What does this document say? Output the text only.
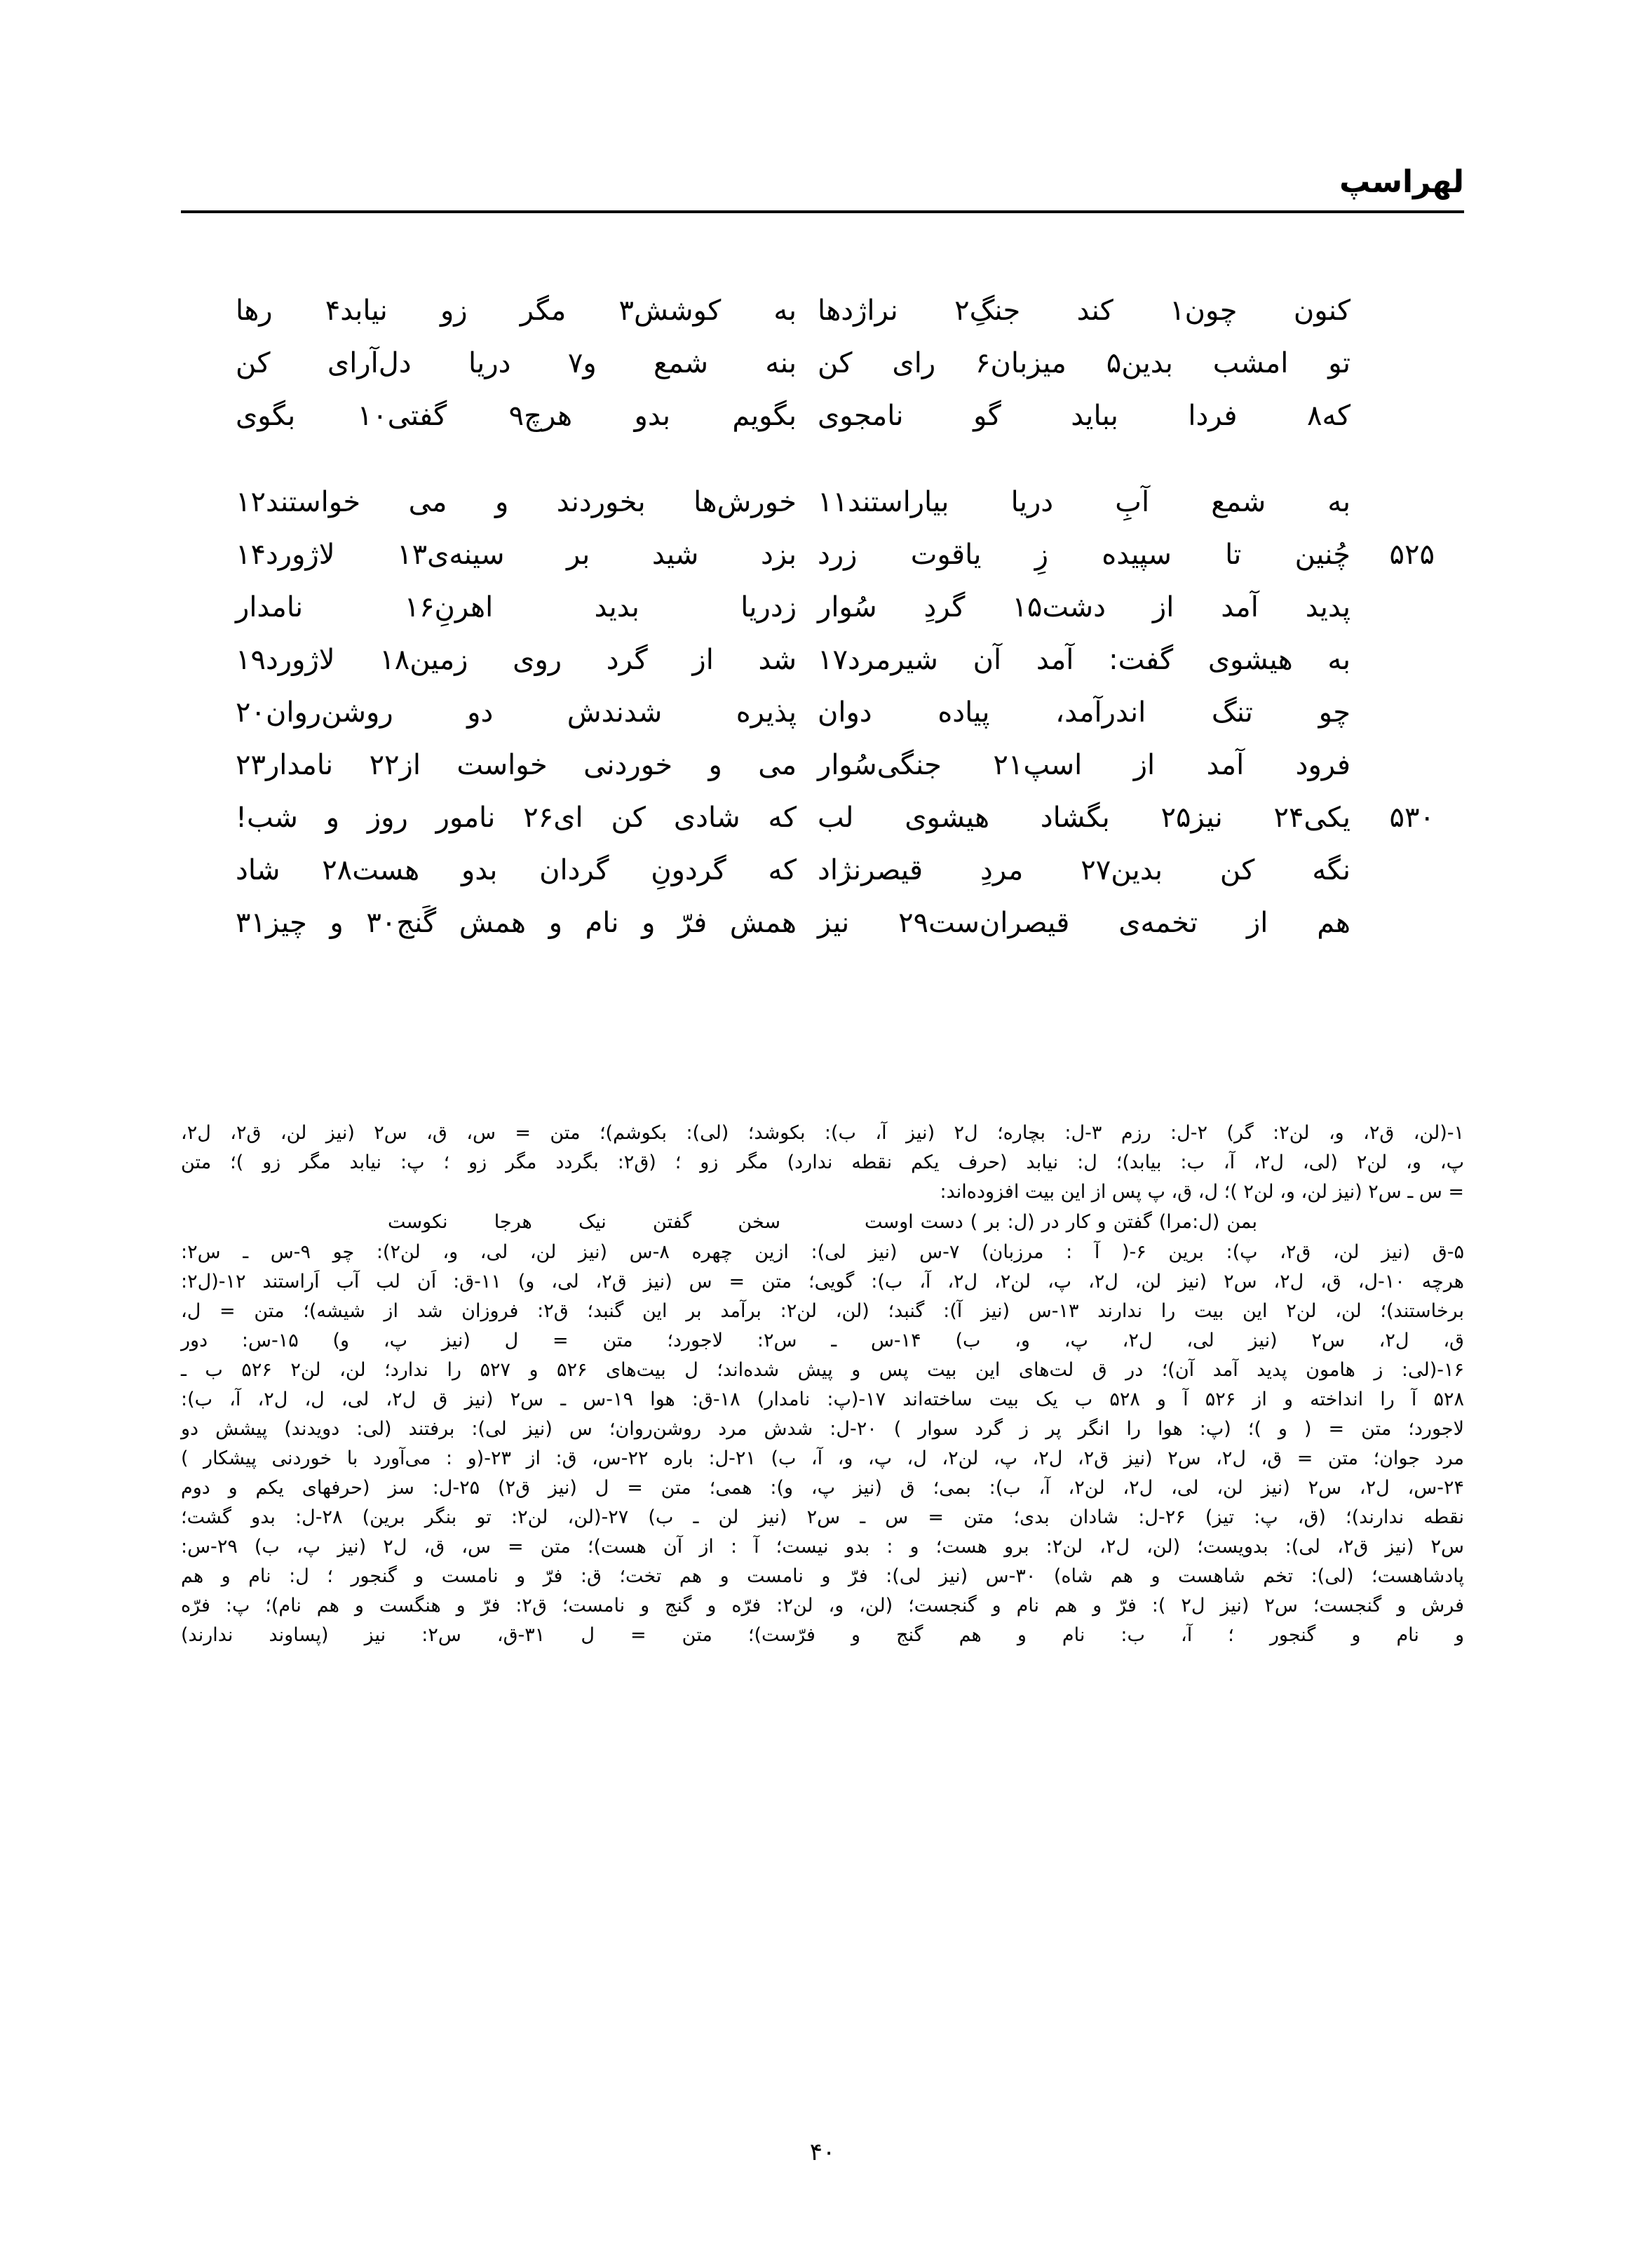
لهراسپ
کنون چون۱ کند جنگِ۲ نراژدها
به کوشش۳ مگر زو نیابد۴ رها
تو امشب بدین۵ میزبان۶ رای کن
بنه شمع و۷ دریا دل‌آرای کن
که۸ فردا بباید گو نامجوی
بگویم بدو هرچ۹ گفتی۱۰ بگوی
به شمع آبِ دریا بیاراستند۱۱
خورش‌ها بخوردند و می خواستند۱۲
۵۲۵
چُنین تا سپیده زِ یاقوت زرد
بزد شید بر سینه‌ی۱۳ لاژورد۱۴
پدید آمد از دشت۱۵ گردِ سُوار
زدریا بدید اهرنِ۱۶ نامدار
به هیشوی گفت: آمد آن شیرمرد۱۷
شد از گرد روی زمین۱۸ لاژورد۱۹
چو تنگ اندرآمد، پیاده دوان
پذیره شدندش دو روشن‌روان۲۰
فرود آمد از اسپ۲۱ جنگی‌سُوار
می و خوردنی خواست از۲۲ نامدار۲۳
۵۳۰
یکی۲۴ نیز۲۵ بگشاد هیشوی لب
که شادی کن ای۲۶ نامور روز و شب!
نگه کن بدین۲۷ مردِ قیصرنژاد
که گردونِ گردان بدو هست۲۸ شاد
هم از تخمه‌ی قیصران‌ست۲۹ نیز
همش فرّ و نام و همش گَنج۳۰ و چیز۳۱
۱-(لن، ق٢، و، لن٢: گر) ۲-ل: رزم ۳-ل: بچاره؛ ل٢ (نیز آ، ب): بکوشد؛ (لی): بکوشم)؛ متن = س، ق، س٢ (نیز لن، ق٢، ل٢،
پ، و، لن٢ (لی، ل٢، آ، ب: بیابد)؛ ل: نیابد (حرف یکم نقطه ندارد) مگر زو ؛ (ق٢: بگردد مگر زو ؛ پ: نیابد مگر زو )؛ متن
= س ـ س٢ (نیز لن، و، لن٢ )؛ ل، ق، پ پس از این بیت افزوده‌اند:
بمن (ل:مرا) گفتن و کار در (ل: بر ) دست اوست
سخن گفتن نیک هرجا نکوست
۵-ق (نیز لن، ق٢، پ): برین ۶-( آ : مرزبان) ۷-س (نیز لی): ازین چهره ۸-س (نیز لن، لی، و، لن٢): چو ۹-س ـ س٢:
هرچه ۱۰-ل، ق، ل٢، س٢ (نیز لن، ل٢، پ، لن٢، ل٢، آ، ب): گویی؛ متن = س (نیز ق٢، لی، و) ۱۱-ق: اَن لب آب اَراستند ۱۲-(ل٢:
برخاستند)؛ لن، لن٢ این بیت را ندارند ۱۳-س (نیز آ): گنبد؛ (لن، لن٢: برآمد بر این گنبد؛ ق٢: فروزان شد از شیشه)؛ متن = ل،
ق، ل٢، س٢ (نیز لی، ل٢، پ، و، ب) ۱۴-س ـ س٢: لاجورد؛ متن = ل (نیز پ، و) ۱۵-س: دور
۱۶-(لی: ز هامون پدید آمد آن)؛ در ق لت‌های این بیت پس و پیش شده‌اند؛ ل بیت‌های ۵۲۶ و ۵۲۷ را ندارد؛ لن، لن٢ ۵۲۶ ب ـ
۵۲۸ آ را انداخته و از ۵۲۶ آ و ۵۲۸ ب یک بیت ساخته‌اند ۱۷-(پ: نامدار) ۱۸-ق: هوا ۱۹-س ـ س٢ (نیز ق ل٢، لی، ل، ل٢، آ، ب):
لاجورد؛ متن = ( و )؛ (پ: هوا را انگر پر ز گرد سوار ) ۲۰-ل: شدش مرد روشن‌روان؛ س (نیز لی): برفتند (لی: دویدند) پیشش دو
مرد جوان؛ متن = ق، ل٢، س٢ (نیز ق٢، ل٢، پ، لن٢، ل، پ، و، آ، ب) ۲۱-ل: باره ۲۲-س، ق: از ۲۳-(و : می‌آورد با خوردنی پیشکار )
۲۴-س، ل٢، س٢ (نیز لن، لی، ل٢، لن٢، آ، ب): بمی؛ ق (نیز پ، و): همی؛ متن = ل (نیز ق٢) ۲۵-ل: سز (حرفهای یکم و دوم
نقطه ندارند)؛ (ق، پ: تیز) ۲۶-ل: شادان بدی؛ متن = س ـ س٢ (نیز لن ـ ب) ۲۷-(لن، لن٢: تو بنگر برین) ۲۸-ل: بدو گشت؛
س٢ (نیز ق٢، لی): بدویست؛ (لن، ل٢، لن٢: برو هست؛ و : بدو نیست؛ آ : از آن هست)؛ متن = س، ق، ل٢ (نیز پ، ب) ۲۹-س:
پادشاهست؛ (لی): تخم شاهست و هم شاه) ۳۰-س (نیز لی): فرّ و نامست و هم تخت؛ ق: فرّ و نامست و گنجور ؛ ل: نام و هم
فرش و گنجست؛ س٢ (نیز ل٢ ): فرّ و هم نام و گنجست؛ (لن، و، لن٢: فرّه و گنج و نامست؛ ق٢: فرّ و هنگست و هم نام)؛ پ: فرّه
و نام و گنجور ؛ آ، ب: نام و هم گنج و فرّست)؛ متن = ل ۳۱-ق، س٢: نیز (پساوند ندارند)
۴۰
